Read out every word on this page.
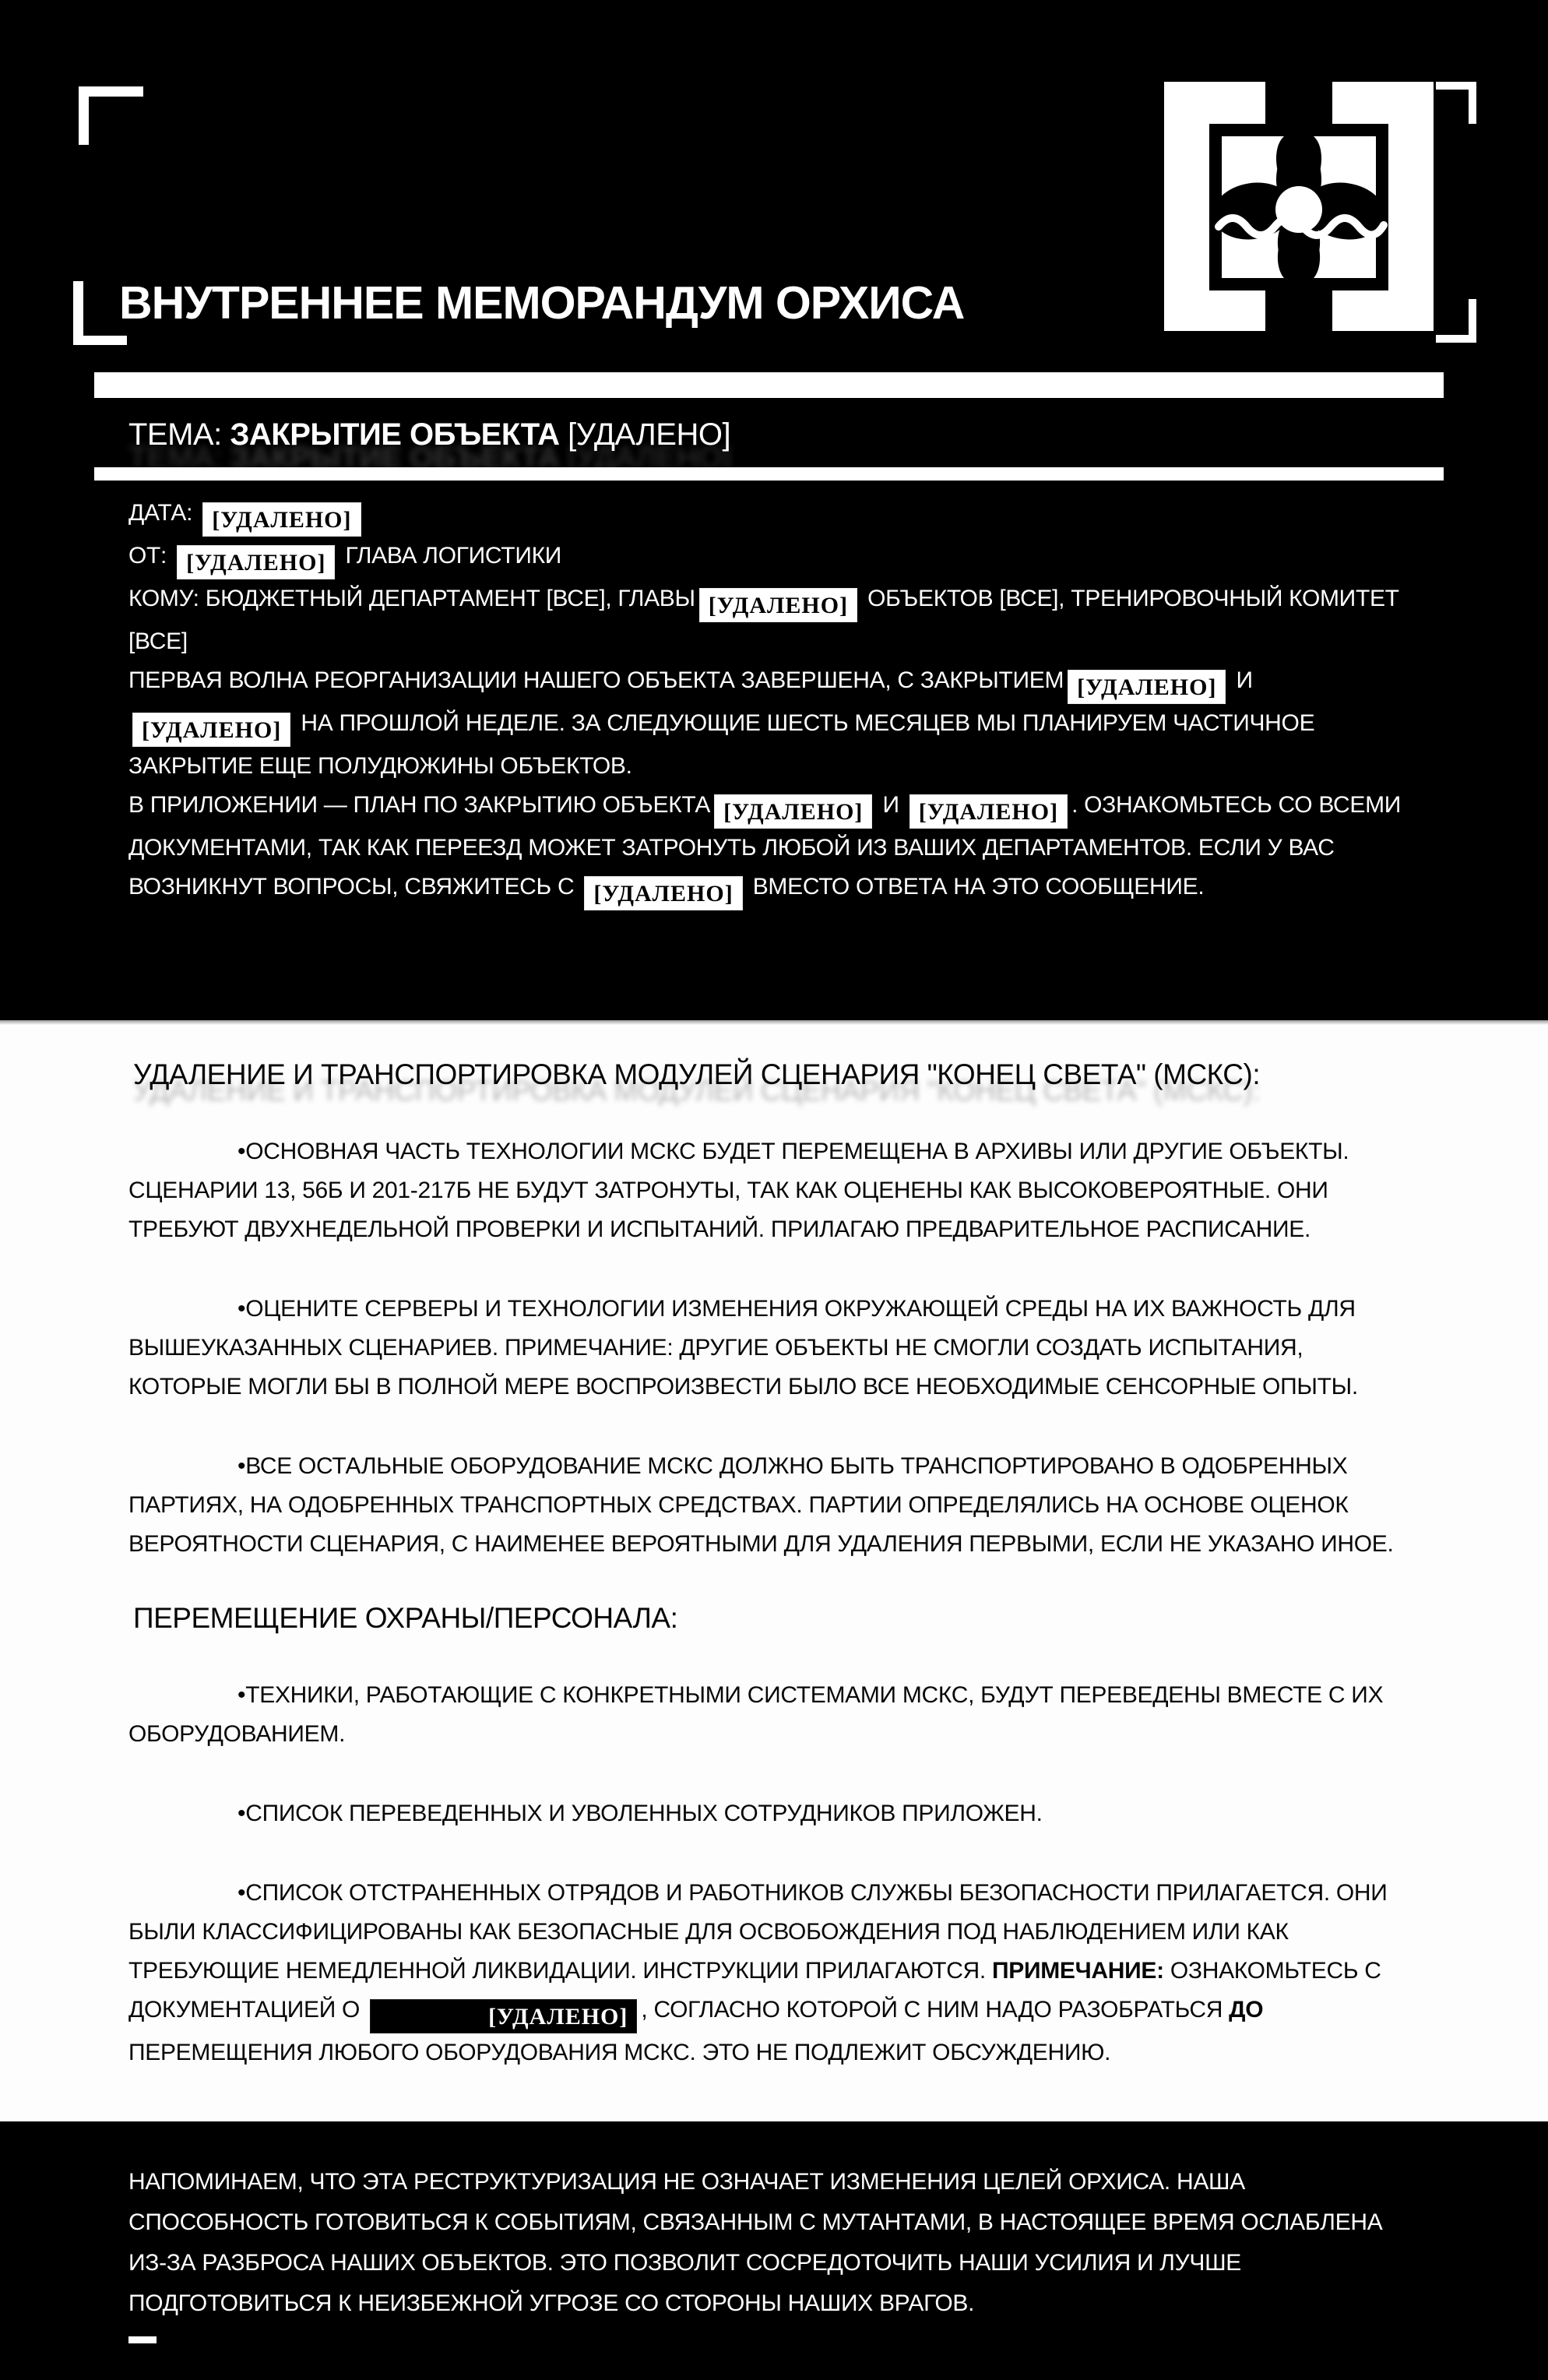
ВНУТРЕННЕЕ МЕМОРАНДУМ ОРХИСА
ТЕМА: ЗАКРЫТИЕ ОБЪЕКТА [УДАЛЕНО]

ДАТА: [УДАЛЕНО]

ОТ: [УДАЛЕНО] ГЛАВА ЛОГИСТИКИ

КОМУ: БЮДЖЕТНЫЙ ДЕПАРТАМЕНТ [ВСЕ], ГЛАВЫ [УДАЛЕНО] ОБЪЕКТОВ [ВСЕ], ТРЕНИРОВОЧНЫЙ КОМИТЕТ [ВСЕ]

ПЕРВАЯ ВОЛНА РЕОРГАНИЗАЦИИ НАШЕГО ОБЪЕКТА ЗАВЕРШЕНА, С ЗАКРЫТИЕМ [УДАЛЕНО] И [УДАЛЕНО] НА ПРОШЛОЙ НЕДЕЛЕ. ЗА СЛЕДУЮЩИЕ ШЕСТЬ МЕСЯЦЕВ МЫ ПЛАНИРУЕМ ЧАСТИЧНОЕ ЗАКРЫТИЕ ЕЩЕ ПОЛУДЮЖИНЫ ОБЪЕКТОВ.

В ПРИЛОЖЕНИИ — ПЛАН ПО ЗАКРЫТИЮ ОБЪЕКТА [УДАЛЕНО] И [УДАЛЕНО] . ОЗНАКОМЬТЕСЬ СО ВСЕМИ ДОКУМЕНТАМИ, ТАК КАК ПЕРЕЕЗД МОЖЕТ ЗАТРОНУТЬ ЛЮБОЙ ИЗ ВАШИХ ДЕПАРТАМЕНТОВ. ЕСЛИ У ВАС ВОЗНИКНУТ ВОПРОСЫ, СВЯЖИТЕСЬ С [УДАЛЕНО] ВМЕСТО ОТВЕТА НА ЭТО СООБЩЕНИЕ.

УДАЛЕНИЕ И ТРАНСПОРТИРОВКА МОДУЛЕЙ СЦЕНАРИЯ "КОНЕЦ СВЕТА" (МСКС):

•ОСНОВНАЯ ЧАСТЬ ТЕХНОЛОГИИ МСКС БУДЕТ ПЕРЕМЕЩЕНА В АРХИВЫ ИЛИ ДРУГИЕ ОБЪЕКТЫ. СЦЕНАРИИ 13, 56Б И 201-217Б НЕ БУДУТ ЗАТРОНУТЫ, ТАК КАК ОЦЕНЕНЫ КАК ВЫСОКОВЕРОЯТНЫЕ. ОНИ ТРЕБУЮТ ДВУХНЕДЕЛЬНОЙ ПРОВЕРКИ И ИСПЫТАНИЙ. ПРИЛАГАЮ ПРЕДВАРИТЕЛЬНОЕ РАСПИСАНИЕ.

•ОЦЕНИТЕ СЕРВЕРЫ И ТЕХНОЛОГИИ ИЗМЕНЕНИЯ ОКРУЖАЮЩЕЙ СРЕДЫ НА ИХ ВАЖНОСТЬ ДЛЯ ВЫШЕУКАЗАННЫХ СЦЕНАРИЕВ. ПРИМЕЧАНИЕ: ДРУГИЕ ОБЪЕКТЫ НЕ СМОГЛИ СОЗДАТЬ ИСПЫТАНИЯ, КОТОРЫЕ МОГЛИ БЫ В ПОЛНОЙ МЕРЕ ВОСПРОИЗВЕСТИ БЫЛО ВСЕ НЕОБХОДИМЫЕ СЕНСОРНЫЕ ОПЫТЫ.

•ВСЕ ОСТАЛЬНЫЕ ОБОРУДОВАНИЕ МСКС ДОЛЖНО БЫТЬ ТРАНСПОРТИРОВАНО В ОДОБРЕННЫХ ПАРТИЯХ, НА ОДОБРЕННЫХ ТРАНСПОРТНЫХ СРЕДСТВАХ. ПАРТИИ ОПРЕДЕЛЯЛИСЬ НА ОСНОВЕ ОЦЕНОК ВЕРОЯТНОСТИ СЦЕНАРИЯ, С НАИМЕНЕЕ ВЕРОЯТНЫМИ ДЛЯ УДАЛЕНИЯ ПЕРВЫМИ, ЕСЛИ НЕ УКАЗАНО ИНОЕ.

ПЕРЕМЕЩЕНИЕ ОХРАНЫ/ПЕРСОНАЛА:

•ТЕХНИКИ, РАБОТАЮЩИЕ С КОНКРЕТНЫМИ СИСТЕМАМИ МСКС, БУДУТ ПЕРЕВЕДЕНЫ ВМЕСТЕ С ИХ ОБОРУДОВАНИЕМ.

•СПИСОК ПЕРЕВЕДЕННЫХ И УВОЛЕННЫХ СОТРУДНИКОВ ПРИЛОЖЕН.

•СПИСОК ОТСТРАНЕННЫХ ОТРЯДОВ И РАБОТНИКОВ СЛУЖБЫ БЕЗОПАСНОСТИ ПРИЛАГАЕТСЯ. ОНИ БЫЛИ КЛАССИФИЦИРОВАНЫ КАК БЕЗОПАСНЫЕ ДЛЯ ОСВОБОЖДЕНИЯ ПОД НАБЛЮДЕНИЕМ ИЛИ КАК ТРЕБУЮЩИЕ НЕМЕДЛЕННОЙ ЛИКВИДАЦИИ. ИНСТРУКЦИИ ПРИЛАГАЮТСЯ. ПРИМЕЧАНИЕ: ОЗНАКОМЬТЕСЬ С ДОКУМЕНТАЦИЕЙ О	[УДАЛЕНО] , СОГЛАСНО КОТОРОЙ С НИМ НАДО РАЗОБРАТЬСЯ ДО ПЕРЕМЕЩЕНИЯ ЛЮБОГО ОБОРУДОВАНИЯ МСКС. ЭТО НЕ ПОДЛЕЖИТ ОБСУЖДЕНИЮ.

НАПОМИНАЕМ, ЧТО ЭТА РЕСТРУКТУРИЗАЦИЯ НЕ ОЗНАЧАЕТ ИЗМЕНЕНИЯ ЦЕЛЕЙ ОРХИСА. НАША СПОСОБНОСТЬ ГОТОВИТЬСЯ К СОБЫТИЯМ, СВЯЗАННЫМ С МУТАНТАМИ, В НАСТОЯЩЕЕ ВРЕМЯ ОСЛАБЛЕНА ИЗ-ЗА РАЗБРОСА НАШИХ ОБЪЕКТОВ. ЭТО ПОЗВОЛИТ СОСРЕДОТОЧИТЬ НАШИ УСИЛИЯ И ЛУЧШЕ ПОДГОТОВИТЬСЯ К НЕИЗБЕЖНОЙ УГРОЗЕ СО СТОРОНЫ НАШИХ ВРАГОВ.
